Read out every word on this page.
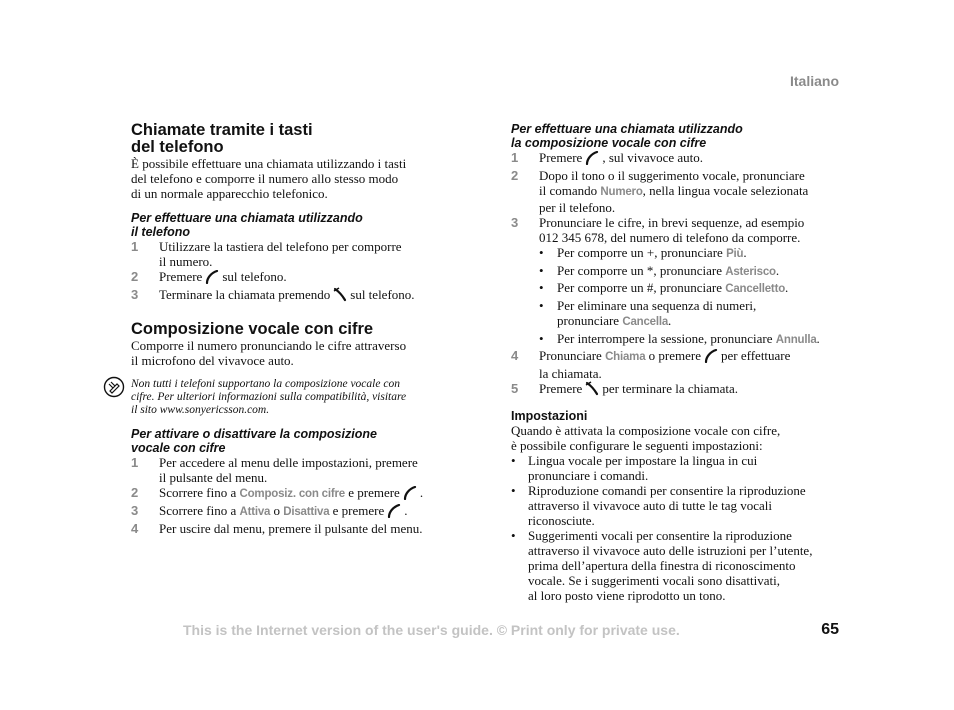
Italiano
Chiamate tramite i tasti
del telefono

È possibile effettuare una chiamata utilizzando i tasti
del telefono e comporre il numero allo stesso modo
di un normale apparecchio telefonico.

Per effettuare una chiamata utilizzando
il telefono
1 Utilizzare la tastiera del telefono per comporre
il numero.
2 Premere sul telefono.
3 Terminare la chiamata premendo sul telefono.
Composizione vocale con cifre

Comporre il numero pronunciando le cifre attraverso
il microfono del vivavoce auto.

Non tutti i telefoni supportano la composizione vocale con
cifre. Per ulteriori informazioni sulla compatibilità, visitare
il sito www.sonyericsson.com.

Per attivare o disattivare la composizione
vocale con cifre
1 Per accedere al menu delle impostazioni, premere
il pulsante del menu.
2 Scorrere fino a Composiz. con cifre e premere .
3 Scorrere fino a Attiva o Disattiva e premere .
4 Per uscire dal menu, premere il pulsante del menu.
Per effettuare una chiamata utilizzando
la composizione vocale con cifre
1 Premere , sul vivavoce auto.
2 Dopo il tono o il suggerimento vocale, pronunciare
il comando Numero, nella lingua vocale selezionata
per il telefono.
3 Pronunciare le cifre, in brevi sequenze, ad esempio
012 345 678, del numero di telefono da comporre.
• Per comporre un +, pronunciare Più.
• Per comporre un *, pronunciare Asterisco.
• Per comporre un #, pronunciare Cancelletto.
• Per eliminare una sequenza di numeri,
pronunciare Cancella.
• Per interrompere la sessione, pronunciare Annulla.
4 Pronunciare Chiama o premere per effettuare
la chiamata.
5 Premere per terminare la chiamata.
Impostazioni

Quando è attivata la composizione vocale con cifre,
è possibile configurare le seguenti impostazioni:

• Lingua vocale per impostare la lingua in cui
pronunciare i comandi.
• Riproduzione comandi per consentire la riproduzione
attraverso il vivavoce auto di tutte le tag vocali
riconosciute.
• Suggerimenti vocali per consentire la riproduzione
attraverso il vivavoce auto delle istruzioni per l’utente,
prima dell’apertura della finestra di riconoscimento
vocale. Se i suggerimenti vocali sono disattivati,
al loro posto viene riprodotto un tono.
This is the Internet version of the user's guide. © Print only for private use.	65
